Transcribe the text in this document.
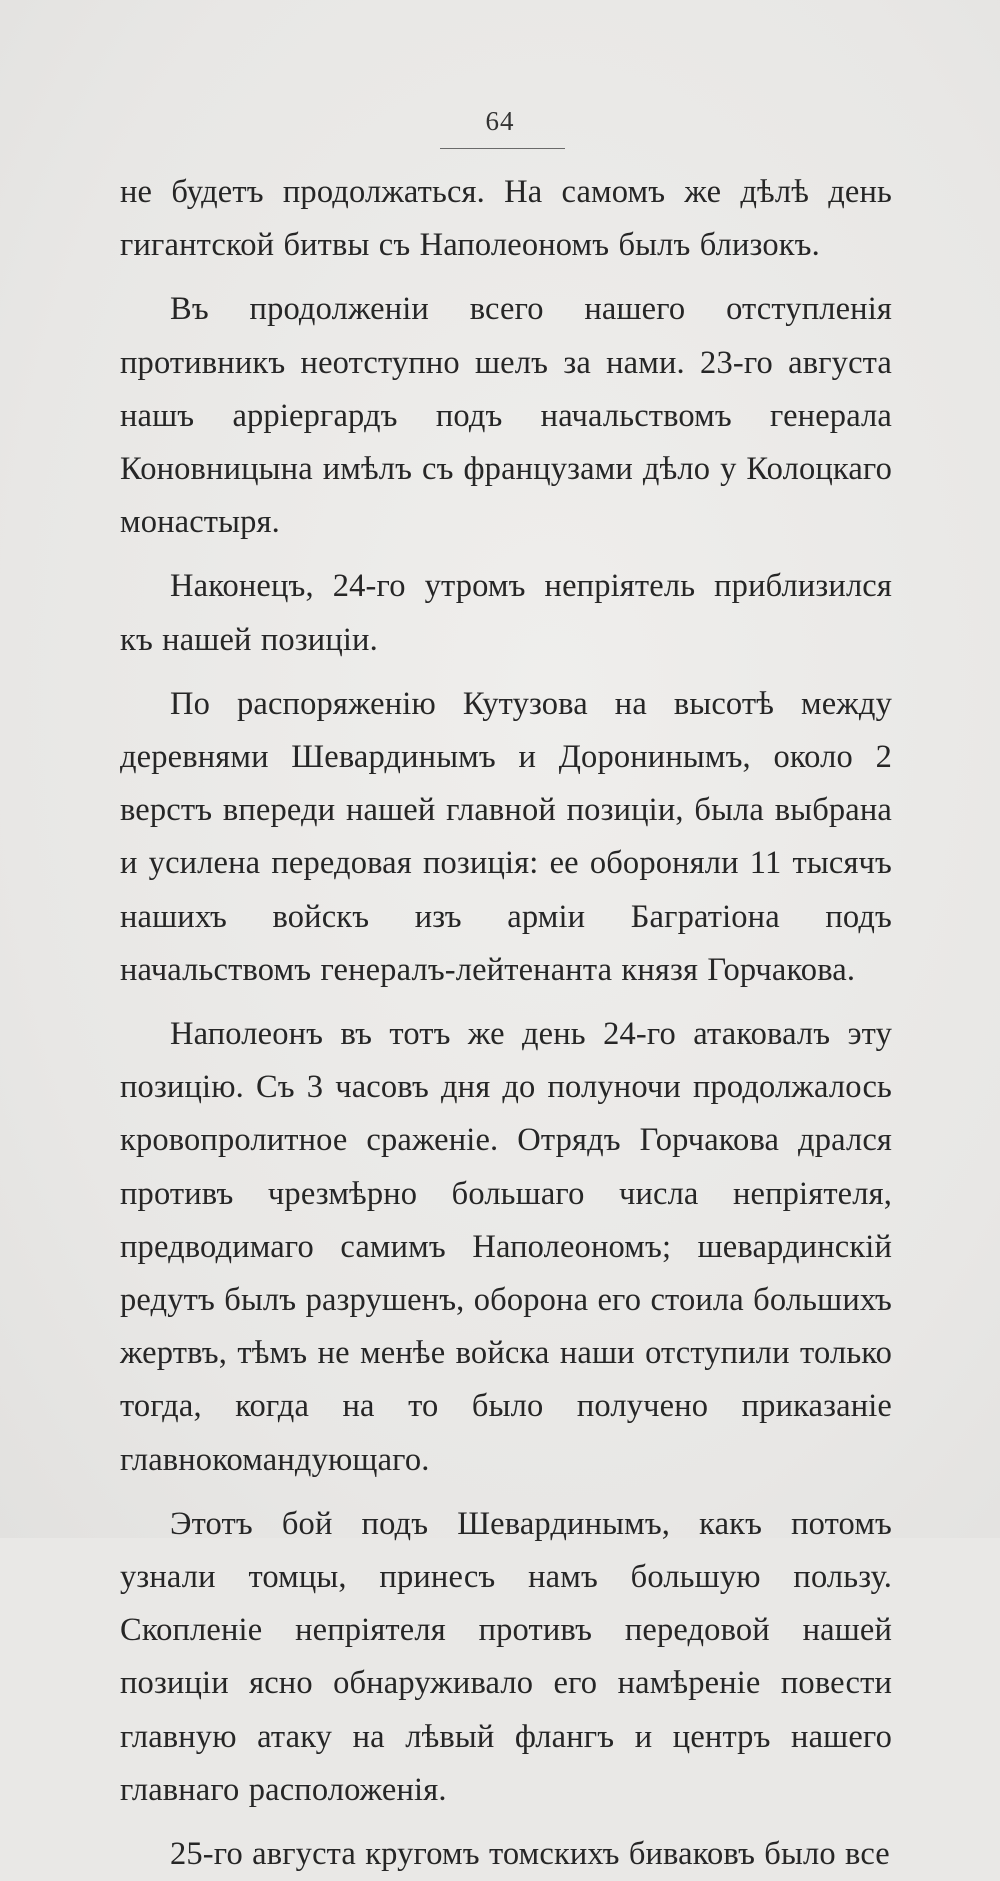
64

не будетъ продолжаться. На самомъ же дѣлѣ день гигантской битвы съ Наполеономъ былъ близокъ.

Въ продолженіи всего нашего отступленія противникъ неотступно шелъ за нами. 23-го августа нашъ арріергардъ подъ начальствомъ генерала Коновницына имѣлъ съ французами дѣло у Колоцкаго монастыря.

Наконецъ, 24-го утромъ непріятель приблизился къ нашей позиціи.

По распоряженію Кутузова на высотѣ между деревнями Шевардинымъ и Доронинымъ, около 2 верстъ впереди нашей главной позиціи, была выбрана и усилена передовая позиція: ее обороняли 11 тысячъ нашихъ войскъ изъ арміи Багратіона подъ начальствомъ генералъ-лейтенанта князя Горчакова.

Наполеонъ въ тотъ же день 24-го атаковалъ эту позицію. Съ 3 часовъ дня до полуночи продолжалось кровопролитное сраженіе. Отрядъ Горчакова дрался противъ чрезмѣрно большаго числа непріятеля, предводимаго самимъ Наполеономъ; шевардинскій редутъ былъ разрушенъ, оборона его стоила большихъ жертвъ, тѣмъ не менѣе войска наши отступили только тогда, когда на то было получено приказаніе главнокомандующаго.

Этотъ бой подъ Шевардинымъ, какъ потомъ узнали томцы, принесъ намъ большую пользу. Скопленіе непріятеля противъ передовой нашей позиціи ясно обнаруживало его намѣреніе повести главную атаку на лѣвый флангъ и центръ нашего главнаго расположенія.

25-го августа кругомъ томскихъ биваковъ было все
